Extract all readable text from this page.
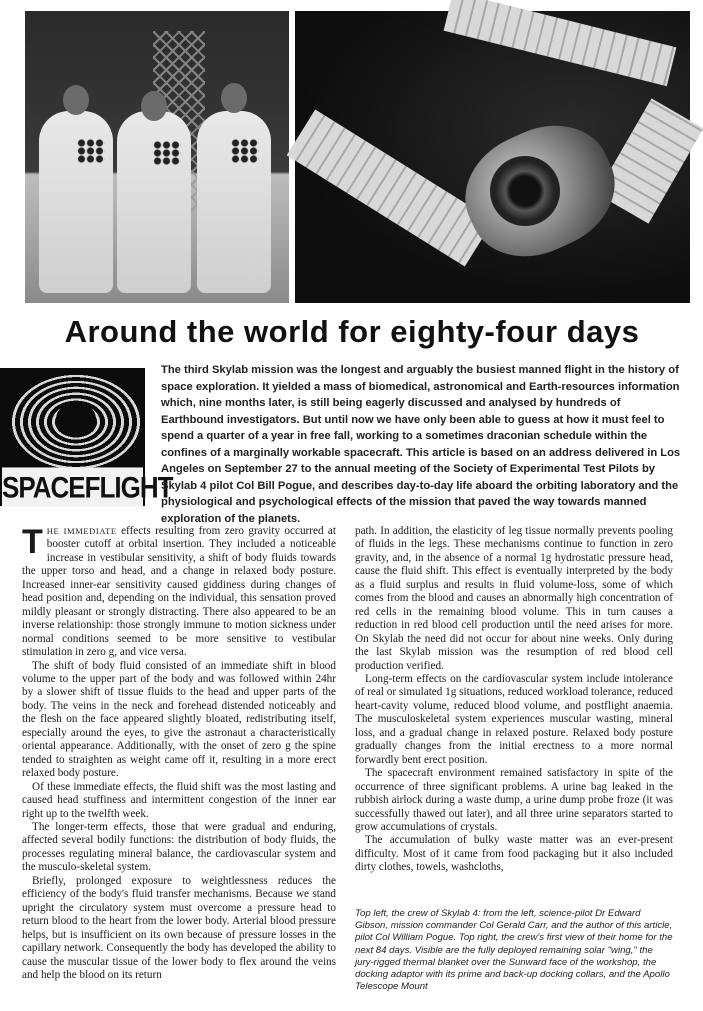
Around the world for eighty-four days
SPACEFLIGHT

The third Skylab mission was the longest and arguably the busiest manned flight in the history of space exploration. It yielded a mass of biomedical, astronomical and Earth-resources information which, nine months later, is still being eagerly discussed and analysed by hundreds of Earthbound investigators. But until now we have only been able to guess at how it must feel to spend a quarter of a year in free fall, working to a sometimes draconian schedule within the confines of a marginally workable spacecraft. This article is based on an address delivered in Los Angeles on September 27 to the annual meeting of the Society of Experimental Test Pilots by Skylab 4 pilot Col Bill Pogue, and describes day-to-day life aboard the orbiting laboratory and the physiological and psychological effects of the mission that paved the way towards manned exploration of the planets.

THE IMMEDIATE effects resulting from zero gravity occurred at booster cutoff at orbital insertion. They included a noticeable increase in vestibular sensitivity, a shift of body fluids towards the upper torso and head, and a change in relaxed body posture. Increased inner-ear sensitivity caused giddiness during changes of head position and, depending on the individual, this sensation proved mildly pleasant or strongly distracting. There also appeared to be an inverse relationship: those strongly immune to motion sickness under normal conditions seemed to be more sensitive to vestibular stimulation in zero g, and vice versa.

The shift of body fluid consisted of an immediate shift in blood volume to the upper part of the body and was followed within 24hr by a slower shift of tissue fluids to the head and upper parts of the body. The veins in the neck and forehead distended noticeably and the flesh on the face appeared slightly bloated, redistributing itself, especially around the eyes, to give the astronaut a characteristically oriental appearance. Additionally, with the onset of zero g the spine tended to straighten as weight came off it, resulting in a more erect relaxed body posture.

Of these immediate effects, the fluid shift was the most lasting and caused head stuffiness and intermittent congestion of the inner ear right up to the twelfth week.

The longer-term effects, those that were gradual and enduring, affected several bodily functions: the distribution of body fluids, the processes regulating mineral balance, the cardiovascular system and the musculo-skeletal system.

Briefly, prolonged exposure to weightlessness reduces the efficiency of the body's fluid transfer mechanisms. Because we stand upright the circulatory system must overcome a pressure head to return blood to the heart from the lower body. Arterial blood pressure helps, but is insufficient on its own because of pressure losses in the capillary network. Consequently the body has developed the ability to cause the muscular tissue of the lower body to flex around the veins and help the blood on its return

path. In addition, the elasticity of leg tissue normally prevents pooling of fluids in the legs. These mechanisms continue to function in zero gravity, and, in the absence of a normal 1g hydrostatic pressure head, cause the fluid shift. This effect is eventually interpreted by the body as a fluid surplus and results in fluid volume-loss, some of which comes from the blood and causes an abnormally high concentration of red cells in the remaining blood volume. This in turn causes a reduction in red blood cell production until the need arises for more. On Skylab the need did not occur for about nine weeks. Only during the last Skylab mission was the resumption of red blood cell production verified.

Long-term effects on the cardiovascular system include intolerance of real or simulated 1g situations, reduced workload tolerance, reduced heart-cavity volume, reduced blood volume, and postflight anaemia. The musculoskeletal system experiences muscular wasting, mineral loss, and a gradual change in relaxed posture. Relaxed body posture gradually changes from the initial erectness to a more normal forwardly bent erect position.

The spacecraft environment remained satisfactory in spite of the occurrence of three significant problems. A urine bag leaked in the rubbish airlock during a waste dump, a urine dump probe froze (it was successfully thawed out later), and all three urine separators started to grow accumulations of crystals.

The accumulation of bulky waste matter was an ever-present difficulty. Most of it came from food packaging but it also included dirty clothes, towels, washcloths,

Top left, the crew of Skylab 4: from the left, science-pilot Dr Edward Gibson, mission commander Col Gerald Carr, and the author of this article, pilot Col William Pogue. Top right, the crew's first view of their home for the next 84 days. Visible are the fully deployed remaining solar "wing," the jury-rigged thermal blanket over the Sunward face of the workshop, the docking adaptor with its prime and back-up docking collars, and the Apollo Telescope Mount
